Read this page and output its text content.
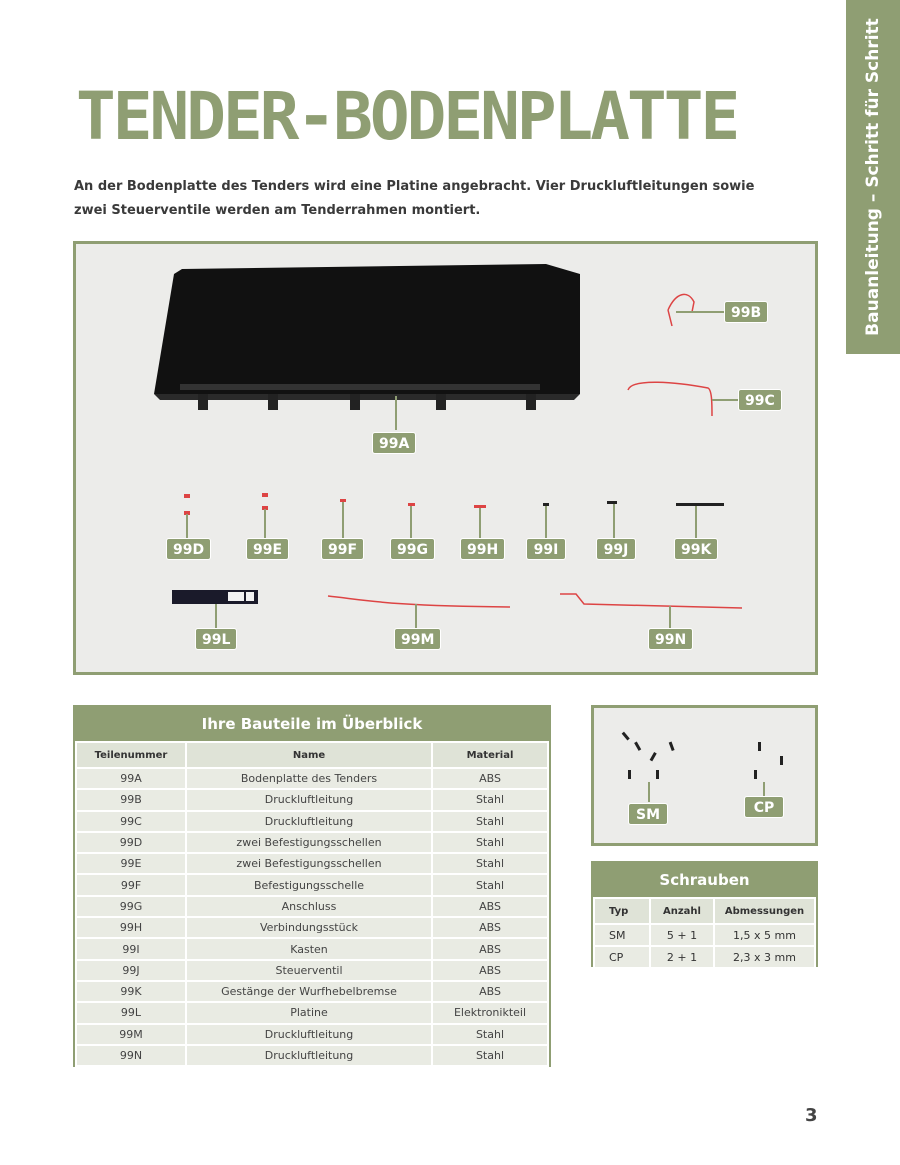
Bauanleitung – Schritt für Schritt
TENDER-BODENPLATTE

An der Bodenplatte des Tenders wird eine Platine angebracht. Vier Druckluftleitungen sowie zwei Steuerventile werden am Tenderrahmen montiert.

99A
99B
99C
99D	99E	99F	99G	99H	99I	99J	99K
99L	99M	99N
Ihre Bauteile im Überblick
Teilenummer	Name	Material
99A	Bodenplatte des Tenders	ABS
99B	Druckluftleitung	Stahl
99C	Druckluftleitung	Stahl
99D	zwei Befestigungsschellen	Stahl
99E	zwei Befestigungsschellen	Stahl
99F	Befestigungsschelle	Stahl
99G	Anschluss	ABS
99H	Verbindungsstück	ABS
99I	Kasten	ABS
99J	Steuerventil	ABS
99K	Gestänge der Wurfhebelbremse	ABS
99L	Platine	Elektronikteil
99M	Druckluftleitung	Stahl
99N	Druckluftleitung	Stahl
SM	CP
Schrauben
Typ	Anzahl	Abmessungen
SM	5 + 1	1,5 x 5 mm
CP	2 + 1	2,3 x 3 mm
3
